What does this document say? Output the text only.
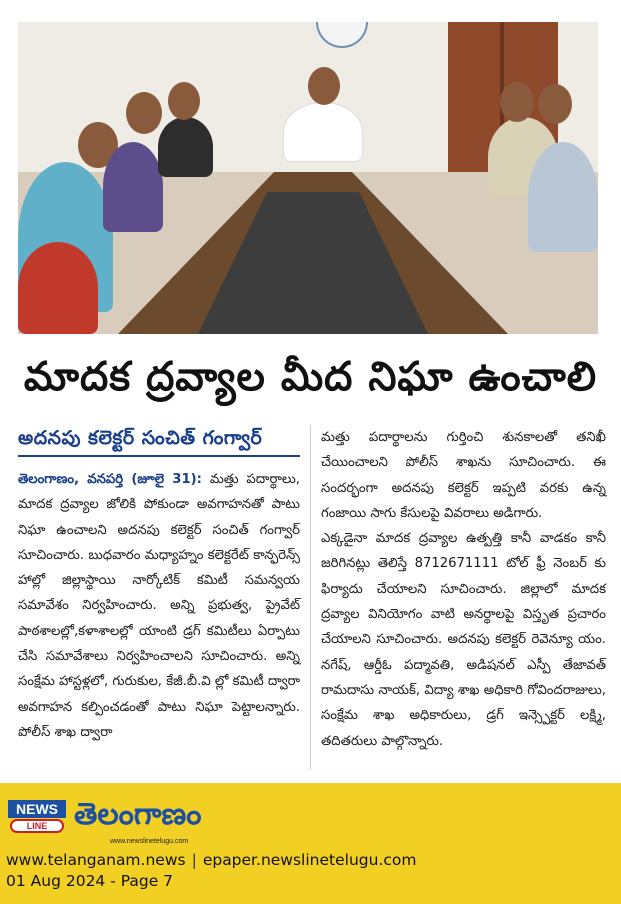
మాదక ద్రవ్యాల మీద నిఘా ఉంచాలి
అదనపు కలెక్టర్ సంచిత్ గంగ్వార్

తెలంగాణం, వనపర్తి (జూలై 31): మత్తు పదార్థాలు, మాదక ద్రవ్యాల జోలికి పోకుండా అవగాహనతో పాటు నిఘా ఉంచాలని అదనపు కలెక్టర్ సంచిత్ గంగ్వార్ సూచించారు. బుధవారం మధ్యాహ్నం కలెక్టరేట్ కాన్ఫరెన్స్ హాల్లో జిల్లాస్థాయి నార్కోటిక్ కమిటీ సమన్వయ సమావేశం నిర్వహించారు. అన్ని ప్రభుత్వ, ప్రైవేట్ పాఠశాలల్లో,కళాశాలల్లో యాంటి డ్రగ్ కమిటీలు ఏర్పాటు చేసి సమావేశాలు నిర్వహించాలని సూచించారు. అన్ని సంక్షేమ హాస్టళ్లలో, గురుకుల, కేజీ.బీ.వి ల్లో కమిటీ ద్వారా అవగాహన కల్పించడంతో పాటు నిఘా పెట్టాలన్నారు. పోలీస్ శాఖ ద్వారా

మత్తు పదార్థాలను గుర్తించి శునకాలతో తనిఖీ చేయించాలని పోలీస్ శాఖను సూచించారు. ఈ సందర్భంగా అదనపు కలెక్టర్ ఇప్పటి వరకు ఉన్న గంజాయి సాగు కేసులపై వివరాలు అడిగారు.

ఎక్కడైనా మాదక ద్రవ్యాల ఉత్పత్తి కానీ వాడకం కానీ జరిగినట్లు తెలిస్తే 8712671111 టోల్ ఫ్రీ నెంబర్ కు ఫిర్యాదు చేయాలని సూచించారు. జిల్లాలో మాదక ద్రవ్యాల వినియోగం వాటి అనర్థాలపై విస్తృత ప్రచారం చేయాలని సూచించారు. అదనపు కలెక్టర్ రెవెన్యూ యం. నగేష్, ఆర్డీఓ పద్మావతి, అడిషనల్ ఎస్పీ తేజావత్ రామదాసు నాయక్, విద్యా శాఖ అధికారి గోవిందరాజులు, సంక్షేమ శాఖ అధికారులు, డ్రగ్ ఇన్స్పెక్టర్ లక్ష్మి, తదితరులు పాల్గొన్నారు.

NEWS
LINE తెలంగాణం
www.newslinetelugu.com
www.telanganam.news | epaper.newslinetelugu.com
01 Aug 2024 - Page 7
